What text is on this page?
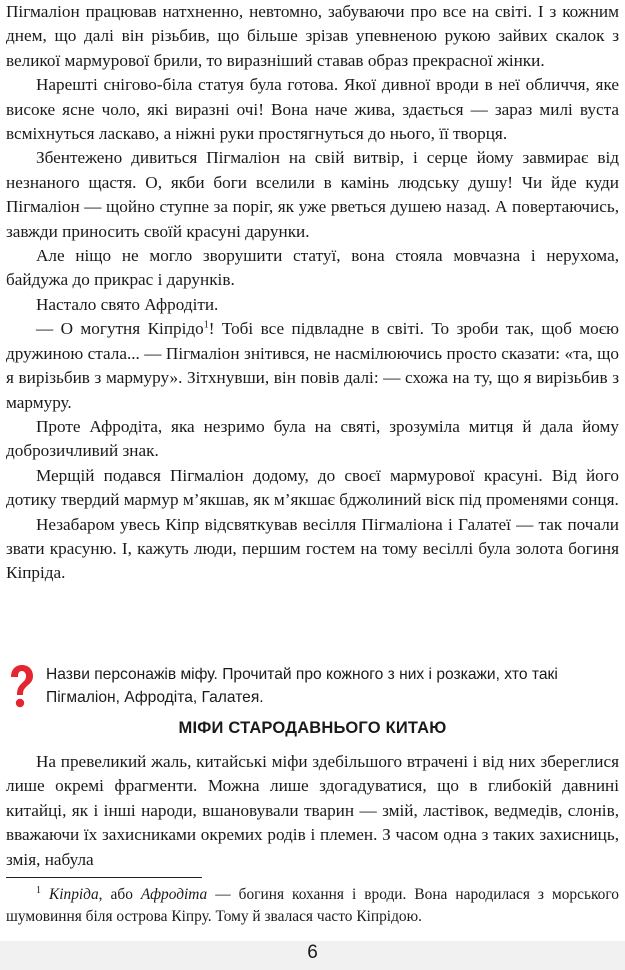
Пігмаліон працював натхненно, невтомно, забуваючи про все на світі. І з кожним днем, що далі він різьбив, що більше зрізав упевненою рукою зайвих скалок з великої мармурової брили, то виразніший ставав образ прекрасної жінки.

Нарешті снігово-біла статуя була готова. Якої дивної вроди в неї обличчя, яке високе ясне чоло, які виразні очі! Вона наче жива, здається — зараз милі вуста всміхнуться ласкаво, а ніжні руки простягнуться до нього, її творця.

Збентежено дивиться Пігмаліон на свій витвір, і серце йому завмирає від незнаного щастя. О, якби боги вселили в камінь людську душу! Чи йде куди Пігмаліон — щойно ступне за поріг, як уже рветься душею назад. А повертаючись, завжди приносить своїй красуні дарунки.

Але ніщо не могло зворушити статуї, вона стояла мовчазна і нерухома, байдужа до прикрас і дарунків.

Настало свято Афродіти.

— О могутня Кіпрідо$^1$! Тобі все підвладне в світі. То зроби так, щоб моєю дружиною стала... — Пігмаліон знітився, не насмілюючись просто сказати: «та, що я вирізьбив з мармуру». Зітхнувши, він повів далі: — схожа на ту, що я вирізьбив з мармуру.

Проте Афродіта, яка незримо була на святі, зрозуміла митця й дала йому доброзичливий знак.

Мерщій подався Пігмаліон додому, до своєї мармурової красуні. Від його дотику твердий мармур м’якшав, як м’якшає бджолиний віск під променями сонця.

Незабаром увесь Кіпр відсвяткував весілля Пігмаліона і Галатеї — так почали звати красуню. І, кажуть люди, першим гостем на тому весіллі була золота богиня Кіпріда.

Назви персонажів міфу. Прочитай про кожного з них і розкажи, хто такі Пігмаліон, Афродіта, Галатея.
МІФИ СТАРОДАВНЬОГО КИТАЮ

На превеликий жаль, китайські міфи здебільшого втрачені і від них збереглися лише окремі фрагменти. Можна лише здогадуватися, що в глибокій давнині китайці, як і інші народи, вшановували тварин — змій, ластівок, ведмедів, слонів, вважаючи їх захисниками окремих родів і племен. З часом одна з таких захисниць, змія, набула

$^1$ Кіпріда, або Афродіта — богиня кохання і вроди. Вона народилася з морського шумовиння біля острова Кіпру. Тому й звалася часто Кіпрідою.
6
